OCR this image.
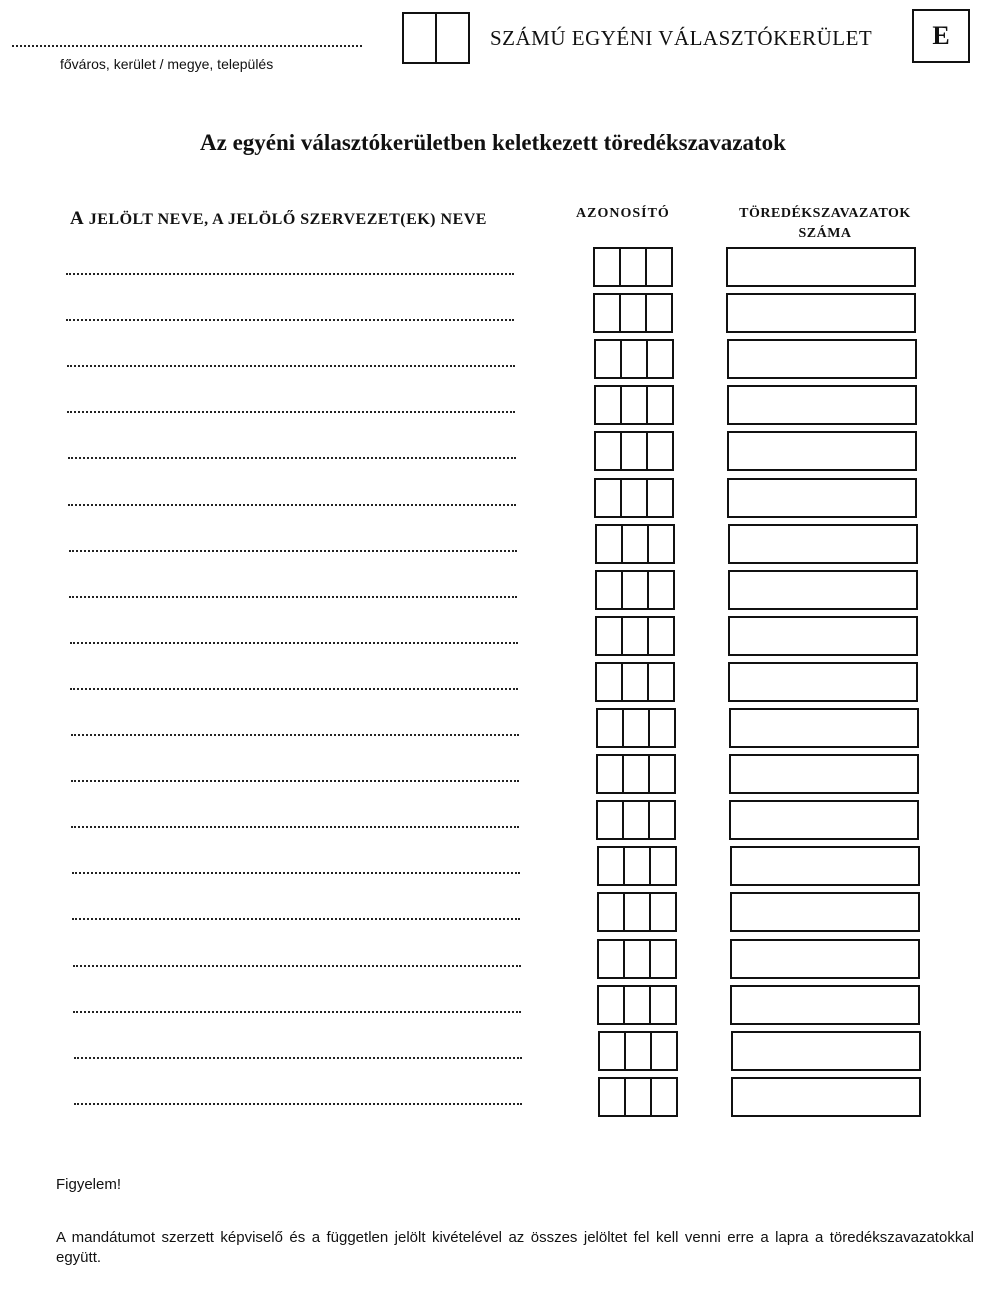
főváros, kerület / megye, település
SZÁMÚ EGYÉNI VÁLASZTÓKERÜLET	E
Az egyéni választókerületben keletkezett töredékszavazatok
A JELÖLT NEVE, A JELÖLŐ SZERVEZET(EK) NEVE	AZONOSÍTÓ	TÖREDÉKSZAVAZATOK
SZÁMA
Figyelem!
A mandátumot szerzett képviselő és a független jelölt kivételével az összes jelöltet fel kell venni erre a lapra a töredékszavazatokkal együtt.
